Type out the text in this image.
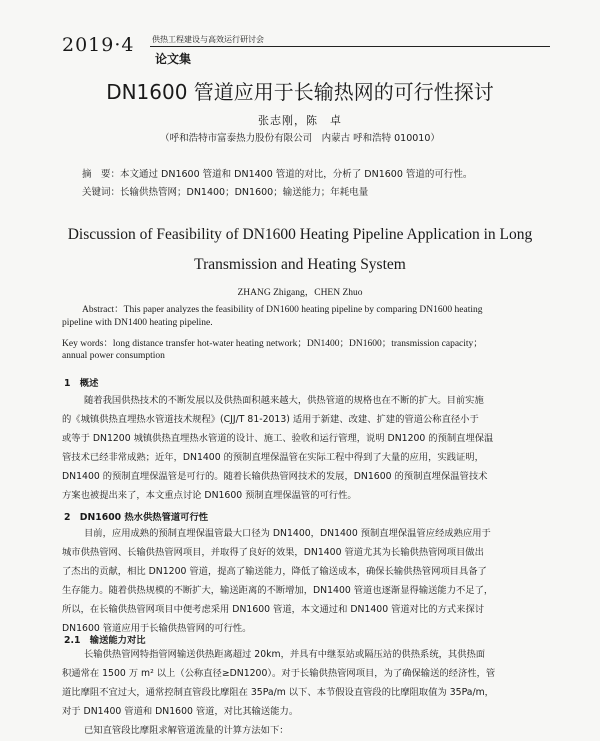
2019·4 供热工程建设与高效运行研讨会
论文集
DN1600 管道应用于长输热网的可行性探讨
张志刚，陈　卓
（呼和浩特市富泰热力股份有限公司　内蒙古 呼和浩特 010010）
摘　要：本文通过 DN1600 管道和 DN1400 管道的对比，分析了 DN1600 管道的可行性。
关键词：长输供热管网；DN1400；DN1600；输送能力；年耗电量
Discussion of Feasibility of DN1600 Heating Pipeline Application in Long
Transmission and Heating System
ZHANG Zhigang，CHEN Zhuo
Abstract：This paper analyzes the feasibility of DN1600 heating pipeline by comparing DN1600 heating
pipeline with DN1400 heating pipeline.
Key words：long distance transfer hot-water heating network；DN1400；DN1600；transmission capacity；
annual power consumption
1　概述
随着我国供热技术的不断发展以及供热面积越来越大，供热管道的规格也在不断的扩大。目前实施
的《城镇供热直埋热水管道技术规程》(CJJ/T 81-2013) 适用于新建、改建、扩建的管道公称直径小于
或等于 DN1200 城镇供热直埋热水管道的设计、施工、验收和运行管理，说明 DN1200 的预制直埋保温
管技术已经非常成熟；近年，DN1400 的预制直埋保温管在实际工程中得到了大量的应用，实践证明，
DN1400 的预制直埋保温管是可行的。随着长输供热管网技术的发展，DN1600 的预制直埋保温管技术
方案也被提出来了，本文重点讨论 DN1600 预制直埋保温管的可行性。
2　DN1600 热水供热管道可行性
目前，应用成熟的预制直埋保温管最大口径为 DN1400，DN1400 预制直埋保温管应经成熟应用于
城市供热管网、长输供热管网项目，并取得了良好的效果，DN1400 管道尤其为长输供热管网项目做出
了杰出的贡献，相比 DN1200 管道，提高了输送能力，降低了输送成本，确保长输供热管网项目具备了
生存能力。随着供热规模的不断扩大，输送距离的不断增加，DN1400 管道也逐渐显得输送能力不足了，
所以，在长输供热管网项目中便考虑采用 DN1600 管道，本文通过和 DN1400 管道对比的方式来探讨
DN1600 管道应用于长输供热管网的可行性。
2.1　输送能力对比
长输供热管网特指管网输送供热距离超过 20km，并具有中继泵站或隔压站的供热系统，其供热面
积通常在 1500 万 m² 以上（公称直径≥DN1200）。对于长输供热管网项目，为了确保输送的经济性，管
道比摩阻不宜过大，通常控制直管段比摩阻在 35Pa/m 以下、本节假设直管段的比摩阻取值为 35Pa/m，
对于 DN1400 管道和 DN1600 管道，对比其输送能力。
已知直管段比摩阻求解管道流量的计算方法如下：
